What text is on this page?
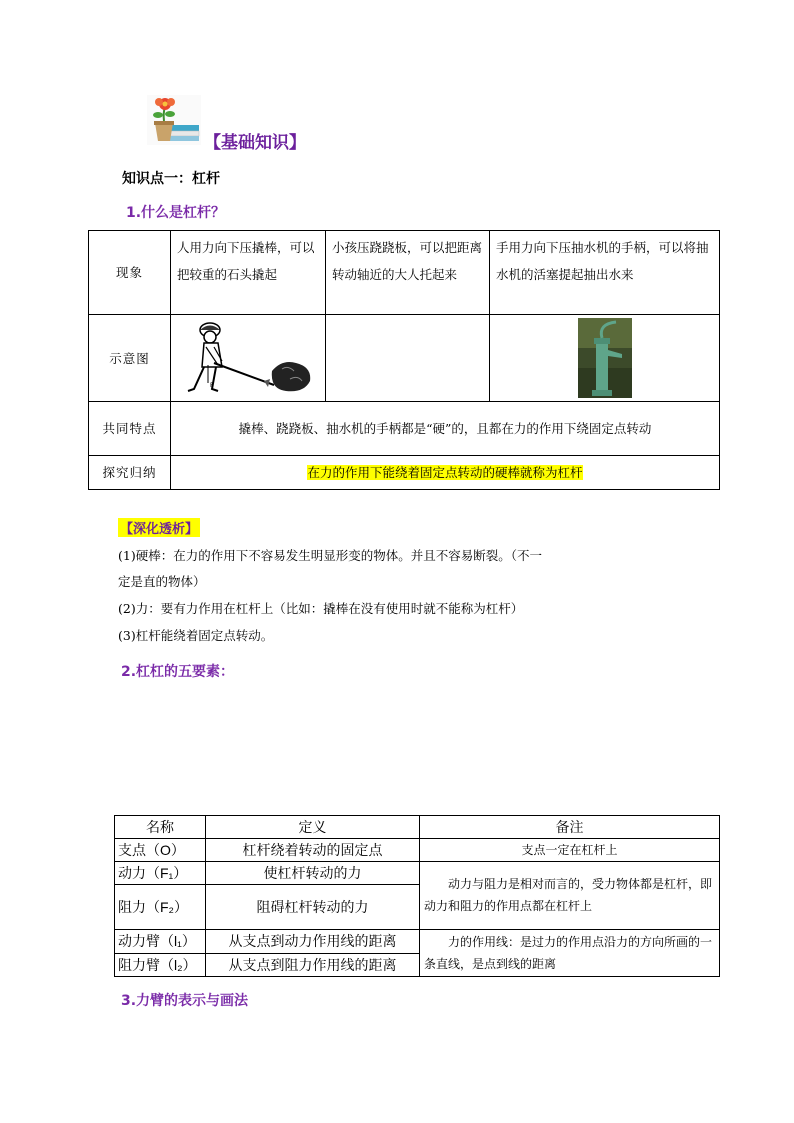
【基础知识】
知识点一：杠杆
1.什么是杠杆？
现象	人用力向下压撬棒，可以把较重的石头撬起	小孩压跷跷板，可以把距离转动轴近的大人托起来	手用力向下压抽水机的手柄，可以将抽水机的活塞提起抽出水来
示意图	F

共同特点	撬棒、跷跷板、抽水机的手柄都是“硬”的，且都在力的作用下绕固定点转动		
探究归纳	在力的作用下能绕着固定点转动的硬棒就称为杠杆		
【深化透析】
(1)硬棒：在力的作用下不容易发生明显形变的物体。并且不容易断裂。（不一
定是直的物体）
(2)力：要有力作用在杠杆上（比如：撬棒在没有使用时就不能称为杠杆）
(3)杠杆能绕着固定点转动。
2.杠杠的五要素：
名称	定义	备注
支点（O）	杠杆绕着转动的固定点	支点一定在杠杆上
动力（F₁）	使杠杆转动的力	动力与阻力是相对而言的，受力物体都是杠杆，即动力和阻力的作用点都在杠杆上
阻力（F₂）	阻碍杠杆转动的力	
动力臂（l₁）	从支点到动力作用线的距离	力的作用线：是过力的作用点沿力的方向所画的一条直线，是点到线的距离
阻力臂（l₂）	从支点到阻力作用线的距离	
3.力臂的表示与画法
